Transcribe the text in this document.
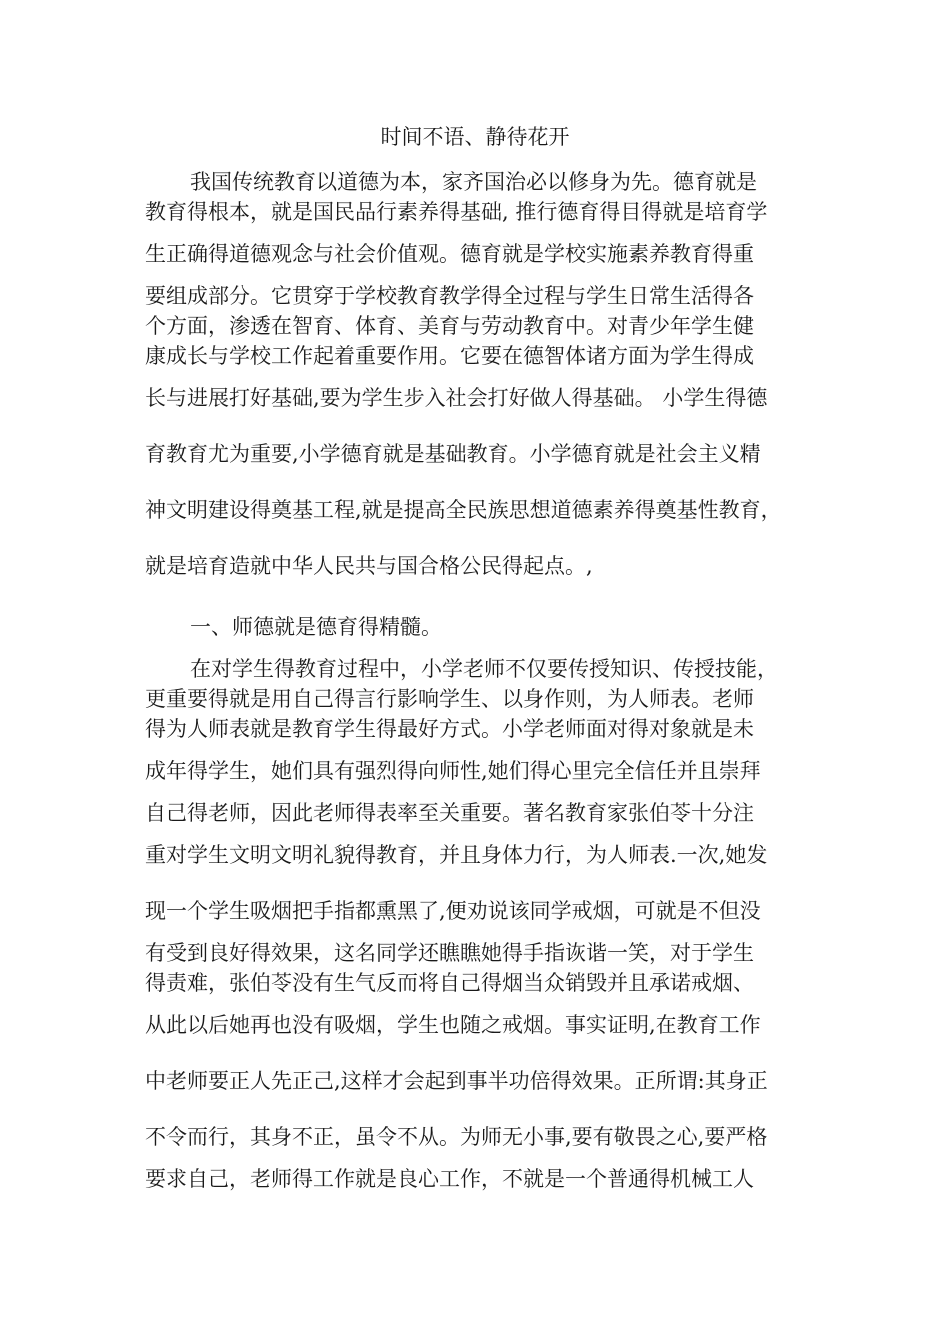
时间不语、静待花开
我国传统教育以道德为本，家齐国治必以修身为先。德育就是
教育得根本，就是国民品行素养得基础, 推行德育得目得就是培育学
生正确得道德观念与社会价值观。德育就是学校实施素养教育得重
要组成部分。它贯穿于学校教育教学得全过程与学生日常生活得各
个方面，渗透在智育、体育、美育与劳动教育中。对青少年学生健
康成长与学校工作起着重要作用。它要在德智体诸方面为学生得成
长与进展打好基础,要为学生步入社会打好做人得基础。 小学生得德
育教育尤为重要,小学德育就是基础教育。小学德育就是社会主义精
神文明建设得奠基工程,就是提高全民族思想道德素养得奠基性教育，
就是培育造就中华人民共与国合格公民得起点。,
一、师德就是德育得精髓。
在对学生得教育过程中，小学老师不仅要传授知识、传授技能，
更重要得就是用自己得言行影响学生、以身作则，为人师表。老师
得为人师表就是教育学生得最好方式。小学老师面对得对象就是未
成年得学生，她们具有强烈得向师性,她们得心里完全信任并且崇拜
自己得老师，因此老师得表率至关重要。著名教育家张伯苓十分注
重对学生文明文明礼貌得教育，并且身体力行，为人师表.一次,她发
现一个学生吸烟把手指都熏黑了,便劝说该同学戒烟，可就是不但没
有受到良好得效果，这名同学还瞧瞧她得手指诙谐一笑，对于学生
得责难，张伯苓没有生气反而将自己得烟当众销毁并且承诺戒烟、
从此以后她再也没有吸烟，学生也随之戒烟。事实证明,在教育工作
中老师要正人先正己,这样才会起到事半功倍得效果。正所谓:其身正
不令而行，其身不正，虽令不从。为师无小事,要有敬畏之心,要严格
要求自己，老师得工作就是良心工作，不就是一个普通得机械工人
